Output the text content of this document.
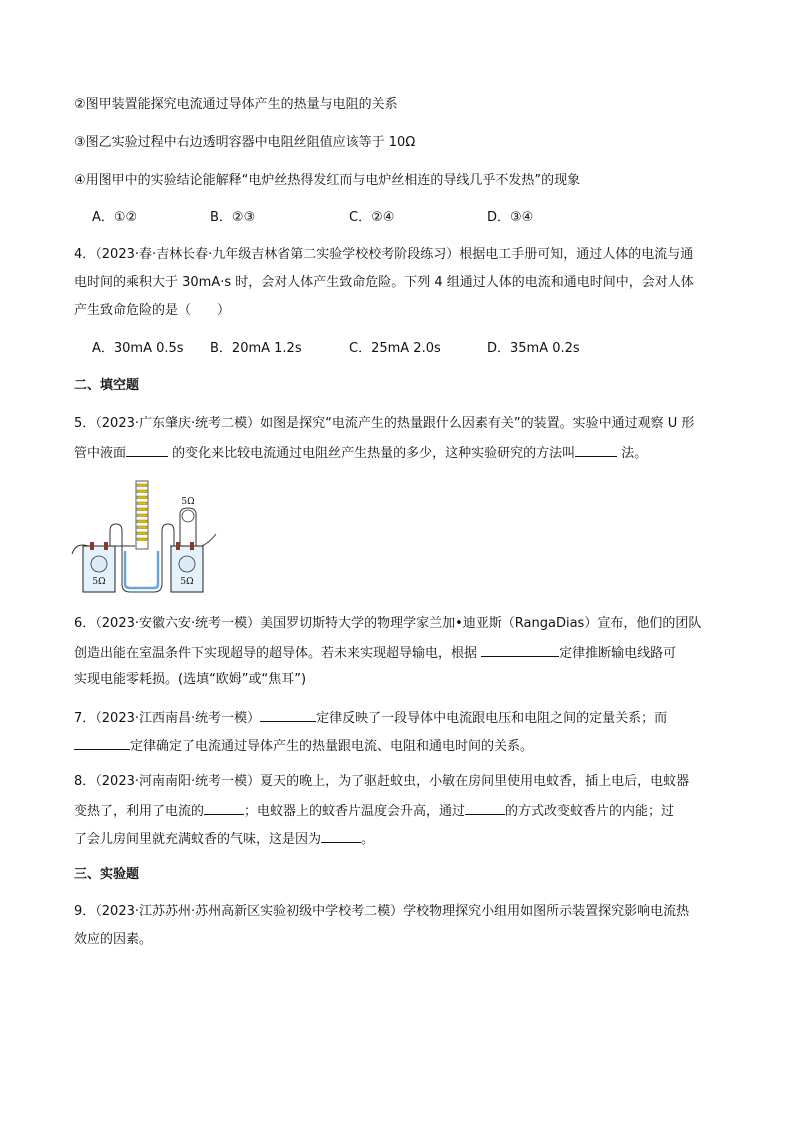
②图甲装置能探究电流通过导体产生的热量与电阻的关系
③图乙实验过程中右边透明容器中电阻丝阻值应该等于 10Ω
④用图甲中的实验结论能解释“电炉丝热得发红而与电炉丝相连的导线几乎不发热”的现象
A．①②	B．②③	C．②④	D．③④
4．（2023·春·吉林长春·九年级吉林省第二实验学校校考阶段练习）根据电工手册可知，通过人体的电流与通
电时间的乘积大于 30mA·s 时，会对人体产生致命危险。下列 4 组通过人体的电流和通电时间中，会对人体
产生致命危险的是（　　）
A．30mA 0.5s B．20mA 1.2s	C．25mA 2.0s	D．35mA 0.2s
二、填空题
5．（2023·广东肇庆·统考二模）如图是探究“电流产生的热量跟什么因素有关”的装置。实验中通过观察 U 形
管中液面	的变化来比较电流通过电阻丝产生热量的多少，这种实验研究的方法叫	法。
5Ω	5Ω
5Ω
6．（2023·安徽六安·统考一模）美国罗切斯特大学的物理学家兰加•迪亚斯（RangaDias）宣布，他们的团队
创造出能在室温条件下实现超导的超导体。若未来实现超导输电，根据	定律推断输电线路可
实现电能零耗损。(选填“欧姆”或“焦耳”)
7．（2023·江西南昌·统考一模）	定律反映了一段导体中电流跟电压和电阻之间的定量关系；而
定律确定了电流通过导体产生的热量跟电流、电阻和通电时间的关系。
8．（2023·河南南阳·统考一模）夏天的晚上，为了驱赶蚊虫，小敏在房间里使用电蚊香，插上电后，电蚊器
变热了，利用了电流的	；电蚊器上的蚊香片温度会升高，通过	的方式改变蚊香片的内能；过
了会儿房间里就充满蚊香的气味，这是因为	。
三、实验题
9．（2023·江苏苏州·苏州高新区实验初级中学校考二模）学校物理探究小组用如图所示装置探究影响电流热
效应的因素。
